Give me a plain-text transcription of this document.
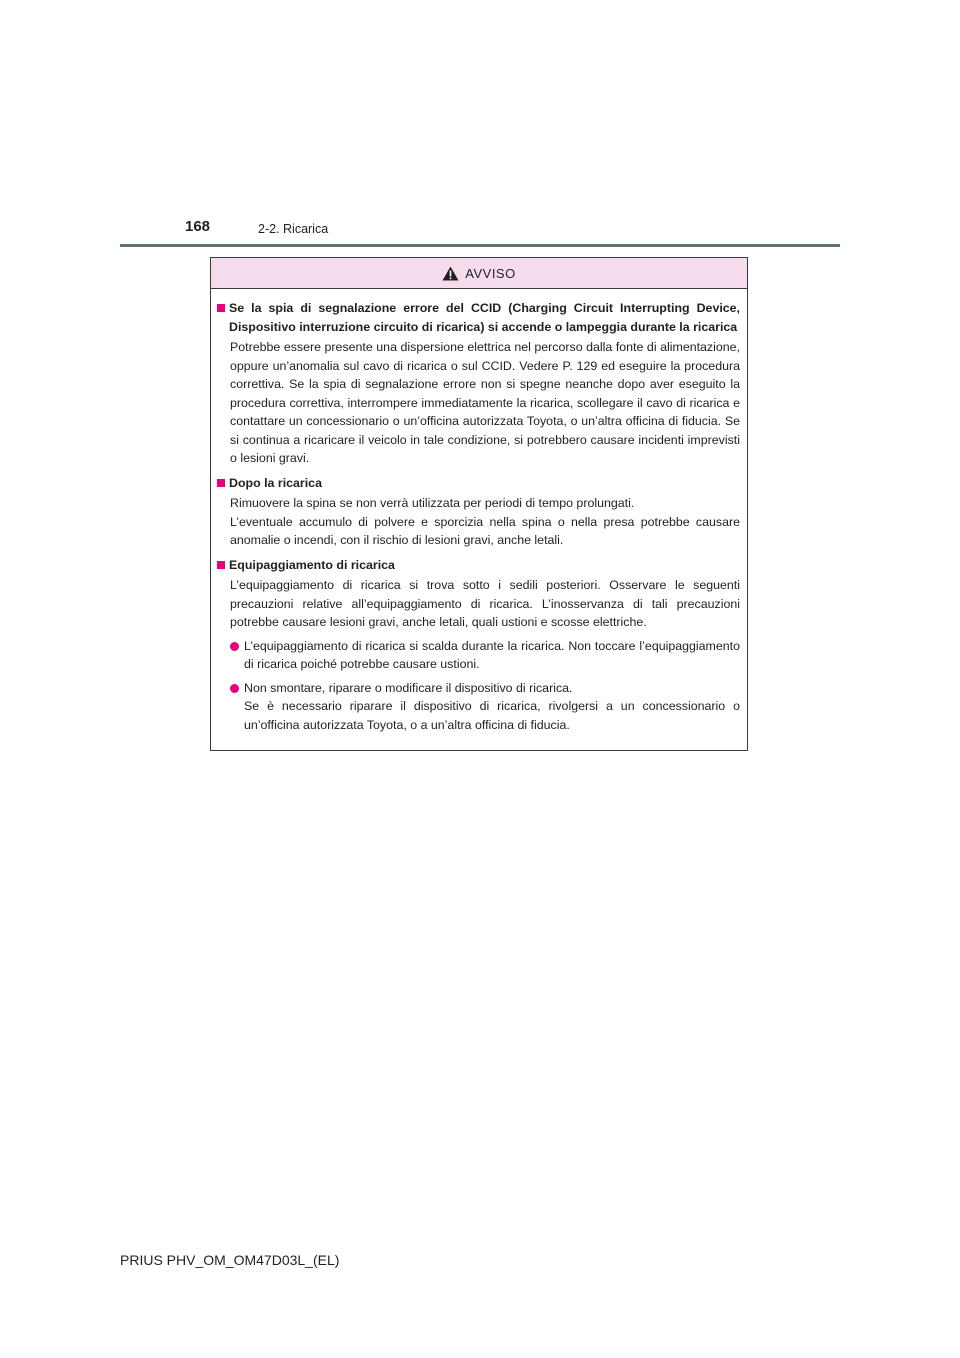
168	2-2. Ricarica
AVVISO
Se la spia di segnalazione errore del CCID (Charging Circuit Interrupting Device, Dispositivo interruzione circuito di ricarica) si accende o lampeggia durante la ricarica
Potrebbe essere presente una dispersione elettrica nel percorso dalla fonte di alimentazione, oppure un’anomalia sul cavo di ricarica o sul CCID. Vedere P. 129 ed eseguire la procedura correttiva. Se la spia di segnalazione errore non si spegne neanche dopo aver eseguito la procedura correttiva, interrompere immediatamente la ricarica, scollegare il cavo di ricarica e contattare un concessionario o un’officina autorizzata Toyota, o un’altra officina di fiducia. Se si continua a ricaricare il veicolo in tale condizione, si potrebbero causare incidenti imprevisti o lesioni gravi.
Dopo la ricarica
Rimuovere la spina se non verrà utilizzata per periodi di tempo prolungati.
L’eventuale accumulo di polvere e sporcizia nella spina o nella presa potrebbe causare anomalie o incendi, con il rischio di lesioni gravi, anche letali.
Equipaggiamento di ricarica
L’equipaggiamento di ricarica si trova sotto i sedili posteriori. Osservare le seguenti precauzioni relative all’equipaggiamento di ricarica. L’inosservanza di tali precauzioni potrebbe causare lesioni gravi, anche letali, quali ustioni e scosse elettriche.
L’equipaggiamento di ricarica si scalda durante la ricarica. Non toccare l’equipaggiamento di ricarica poiché potrebbe causare ustioni.
Non smontare, riparare o modificare il dispositivo di ricarica.
Se è necessario riparare il dispositivo di ricarica, rivolgersi a un concessionario o un’officina autorizzata Toyota, o a un’altra officina di fiducia.
PRIUS PHV_OM_OM47D03L_(EL)
